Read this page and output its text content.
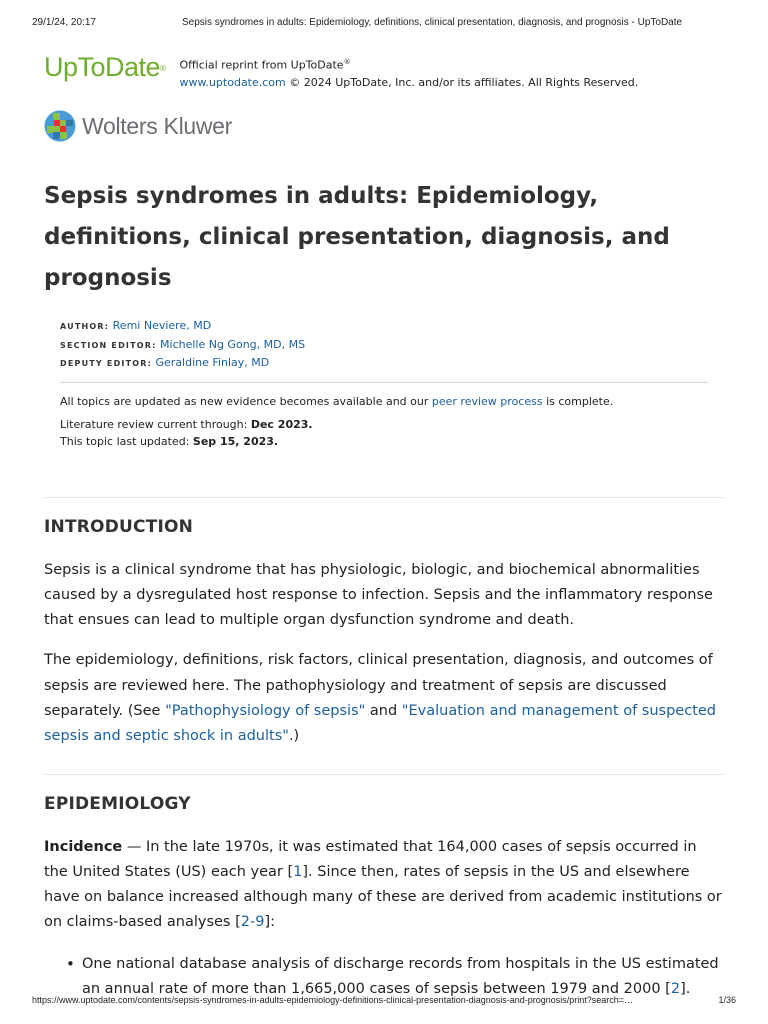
29/1/24, 20:17	Sepsis syndromes in adults: Epidemiology, definitions, clinical presentation, diagnosis, and prognosis - UpToDate
UpToDate® Official reprint from UpToDate®
www.uptodate.com © 2024 UpToDate, Inc. and/or its affiliates. All Rights Reserved.
Wolters Kluwer
Sepsis syndromes in adults: Epidemiology, definitions, clinical presentation, diagnosis, and prognosis
AUTHOR: Remi Neviere, MD
SECTION EDITOR: Michelle Ng Gong, MD, MS
DEPUTY EDITOR: Geraldine Finlay, MD
All topics are updated as new evidence becomes available and our peer review process is complete.
Literature review current through: Dec 2023.
This topic last updated: Sep 15, 2023.
INTRODUCTION

Sepsis is a clinical syndrome that has physiologic, biologic, and biochemical abnormalities caused by a dysregulated host response to infection. Sepsis and the inflammatory response that ensues can lead to multiple organ dysfunction syndrome and death.

The epidemiology, definitions, risk factors, clinical presentation, diagnosis, and outcomes of sepsis are reviewed here. The pathophysiology and treatment of sepsis are discussed separately. (See "Pathophysiology of sepsis" and "Evaluation and management of suspected sepsis and septic shock in adults".)

EPIDEMIOLOGY

Incidence — In the late 1970s, it was estimated that 164,000 cases of sepsis occurred in the United States (US) each year [1]. Since then, rates of sepsis in the US and elsewhere have on balance increased although many of these are derived from academic institutions or on claims-based analyses [2-9]:

• One national database analysis of discharge records from hospitals in the US estimated an annual rate of more than 1,665,000 cases of sepsis between 1979 and 2000 [2].
https://www.uptodate.com/contents/sepsis-syndromes-in-adults-epidemiology-definitions-clinical-presentation-diagnosis-and-prognosis/print?search=…	1/36
